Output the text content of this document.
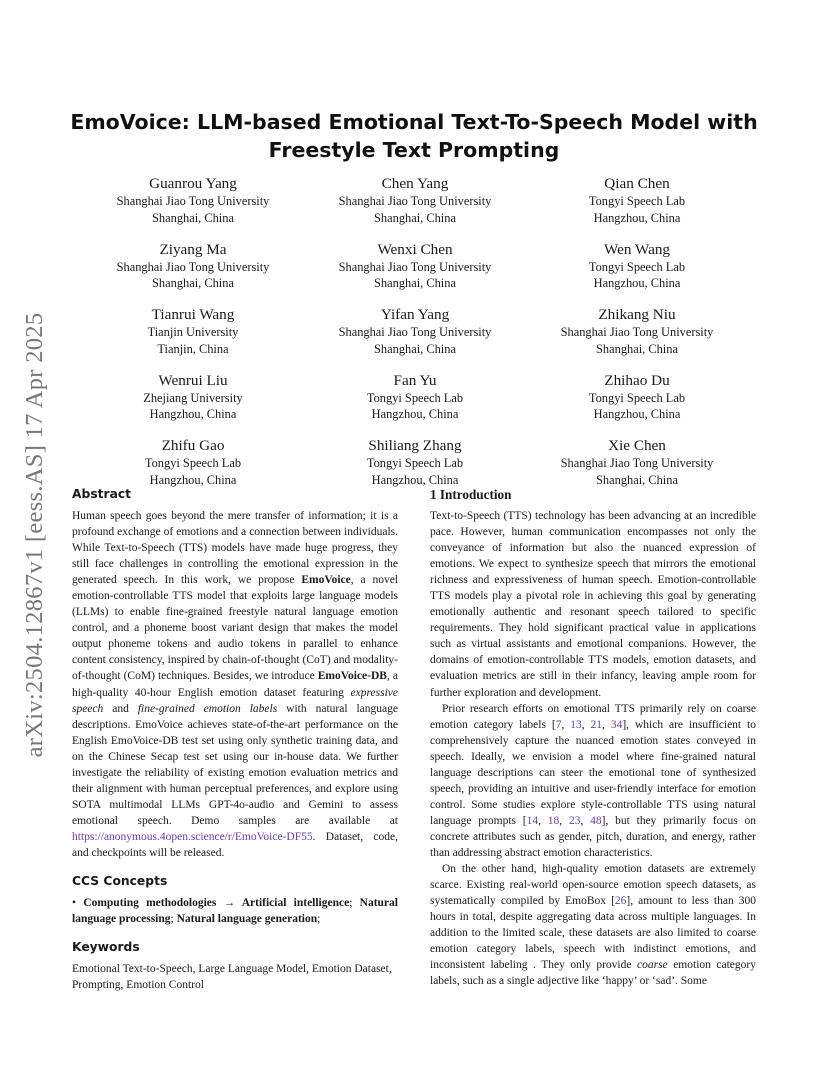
arXiv:2504.12867v1 [eess.AS] 17 Apr 2025
EmoVoice: LLM-based Emotional Text-To-Speech Model with Freestyle Text Prompting
Guanrou Yang
Shanghai Jiao Tong University
Shanghai, China
Chen Yang
Shanghai Jiao Tong University
Shanghai, China
Qian Chen
Tongyi Speech Lab
Hangzhou, China
Ziyang Ma
Shanghai Jiao Tong University
Shanghai, China
Wenxi Chen
Shanghai Jiao Tong University
Shanghai, China
Wen Wang
Tongyi Speech Lab
Hangzhou, China
Tianrui Wang
Tianjin University
Tianjin, China
Yifan Yang
Shanghai Jiao Tong University
Shanghai, China
Zhikang Niu
Shanghai Jiao Tong University
Shanghai, China
Wenrui Liu
Zhejiang University
Hangzhou, China
Fan Yu
Tongyi Speech Lab
Hangzhou, China
Zhihao Du
Tongyi Speech Lab
Hangzhou, China
Zhifu Gao
Tongyi Speech Lab
Hangzhou, China
Shiliang Zhang
Tongyi Speech Lab
Hangzhou, China
Xie Chen
Shanghai Jiao Tong University
Shanghai, China
Abstract

Human speech goes beyond the mere transfer of information; it is a profound exchange of emotions and a connection between individuals. While Text-to-Speech (TTS) models have made huge progress, they still face challenges in controlling the emotional expression in the generated speech. In this work, we propose EmoVoice, a novel emotion-controllable TTS model that exploits large language models (LLMs) to enable fine-grained freestyle natural language emotion control, and a phoneme boost variant design that makes the model output phoneme tokens and audio tokens in parallel to enhance content consistency, inspired by chain-of-thought (CoT) and modality-of-thought (CoM) techniques. Besides, we introduce EmoVoice-DB, a high-quality 40-hour English emotion dataset featuring expressive speech and fine-grained emotion labels with natural language descriptions. EmoVoice achieves state-of-the-art performance on the English EmoVoice-DB test set using only synthetic training data, and on the Chinese Secap test set using our in-house data. We further investigate the reliability of existing emotion evaluation metrics and their alignment with human perceptual preferences, and explore using SOTA multimodal LLMs GPT-4o-audio and Gemini to assess emotional speech. Demo samples are available at https://anonymous.4open.science/r/EmoVoice-DF55. Dataset, code, and checkpoints will be released.

CCS Concepts

• Computing methodologies → Artificial intelligence; Natural language processing; Natural language generation;

Keywords

Emotional Text-to-Speech, Large Language Model, Emotion Dataset, Prompting, Emotion Control

1 Introduction

Text-to-Speech (TTS) technology has been advancing at an incredible pace. However, human communication encompasses not only the conveyance of information but also the nuanced expression of emotions. We expect to synthesize speech that mirrors the emotional richness and expressiveness of human speech. Emotion-controllable TTS models play a pivotal role in achieving this goal by generating emotionally authentic and resonant speech tailored to specific requirements. They hold significant practical value in applications such as virtual assistants and emotional companions. However, the domains of emotion-controllable TTS models, emotion datasets, and evaluation metrics are still in their infancy, leaving ample room for further exploration and development.

Prior research efforts on emotional TTS primarily rely on coarse emotion category labels [7, 13, 21, 34], which are insufficient to comprehensively capture the nuanced emotion states conveyed in speech. Ideally, we envision a model where fine-grained natural language descriptions can steer the emotional tone of synthesized speech, providing an intuitive and user-friendly interface for emotion control. Some studies explore style-controllable TTS using natural language prompts [14, 18, 23, 48], but they primarily focus on concrete attributes such as gender, pitch, duration, and energy, rather than addressing abstract emotion characteristics.

On the other hand, high-quality emotion datasets are extremely scarce. Existing real-world open-source emotion speech datasets, as systematically compiled by EmoBox [26], amount to less than 300 hours in total, despite aggregating data across multiple languages. In addition to the limited scale, these datasets are also limited to coarse emotion category labels, speech with indistinct emotions, and inconsistent labeling . They only provide coarse emotion category labels, such as a single adjective like ‘happy’ or ‘sad’. Some
